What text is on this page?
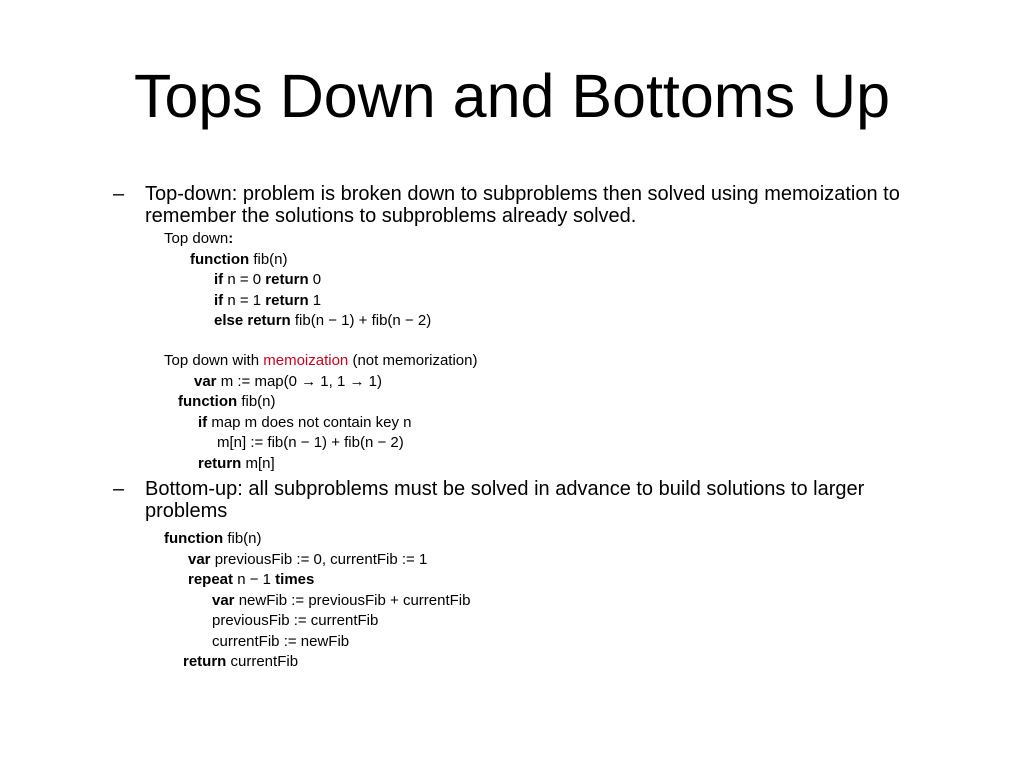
Tops Down and Bottoms Up
– Top-down: problem is broken down to subproblems then solved using memoization to remember the solutions to subproblems already solved.
Top down:
function fib(n)
if n = 0 return 0
if n = 1 return 1
else return fib(n − 1) + fib(n − 2)
Top down with memoization (not memorization)
var m := map(0 → 1, 1 → 1)
function fib(n)
if map m does not contain key n
m[n] := fib(n − 1) + fib(n − 2)
return m[n]
– Bottom-up: all subproblems must be solved in advance to build solutions to larger problems
function fib(n)
var previousFib := 0, currentFib := 1
repeat n − 1 times
var newFib := previousFib + currentFib
previousFib := currentFib
currentFib := newFib
return currentFib
